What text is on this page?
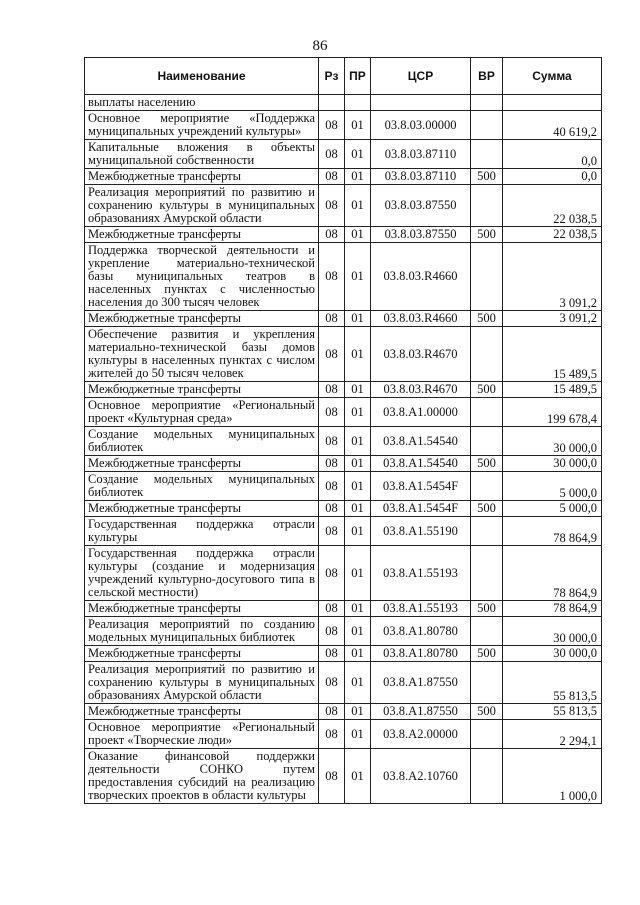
86
Наименование	Рз	ПР	ЦСР	ВР	Сумма
выплаты населению					
Основное мероприятие «Поддержка муниципальных учреждений культуры»	08	01	03.8.03.00000		40 619,2
Капитальные вложения в объекты муниципальной собственности	08	01	03.8.03.87110		0,0
Межбюджетные трансферты	08	01	03.8.03.87110	500	0,0
Реализация мероприятий по развитию и сохранению культуры в муниципальных образованиях Амурской области	08	01	03.8.03.87550		22 038,5
Межбюджетные трансферты	08	01	03.8.03.87550	500	22 038,5
Поддержка творческой деятельности и укрепление материально-технической базы муниципальных театров в населенных пунктах с численностью населения до 300 тысяч человек	08	01	03.8.03.R4660		3 091,2
Межбюджетные трансферты	08	01	03.8.03.R4660	500	3 091,2
Обеспечение развития и укрепления материально-технической базы домов культуры в населенных пунктах с числом жителей до 50 тысяч человек	08	01	03.8.03.R4670		15 489,5
Межбюджетные трансферты	08	01	03.8.03.R4670	500	15 489,5
Основное мероприятие «Региональный проект «Культурная среда»	08	01	03.8.A1.00000		199 678,4
Создание модельных муниципальных библиотек	08	01	03.8.A1.54540		30 000,0
Межбюджетные трансферты	08	01	03.8.A1.54540	500	30 000,0
Создание модельных муниципальных библиотек	08	01	03.8.A1.5454F		5 000,0
Межбюджетные трансферты	08	01	03.8.A1.5454F	500	5 000,0
Государственная поддержка отрасли культуры	08	01	03.8.A1.55190		78 864,9
Государственная поддержка отрасли культуры (создание и модернизация учреждений культурно-досугового типа в сельской местности)	08	01	03.8.A1.55193		78 864,9
Межбюджетные трансферты	08	01	03.8.A1.55193	500	78 864,9
Реализация мероприятий по созданию модельных муниципальных библиотек	08	01	03.8.A1.80780		30 000,0
Межбюджетные трансферты	08	01	03.8.A1.80780	500	30 000,0
Реализация мероприятий по развитию и сохранению культуры в муниципальных образованиях Амурской области	08	01	03.8.A1.87550		55 813,5
Межбюджетные трансферты	08	01	03.8.A1.87550	500	55 813,5
Основное мероприятие «Региональный проект «Творческие люди»	08	01	03.8.A2.00000		2 294,1
Оказание финансовой поддержки деятельности СОНКО путем предоставления субсидий на реализацию творческих проектов в области культуры	08	01	03.8.A2.10760		1 000,0
